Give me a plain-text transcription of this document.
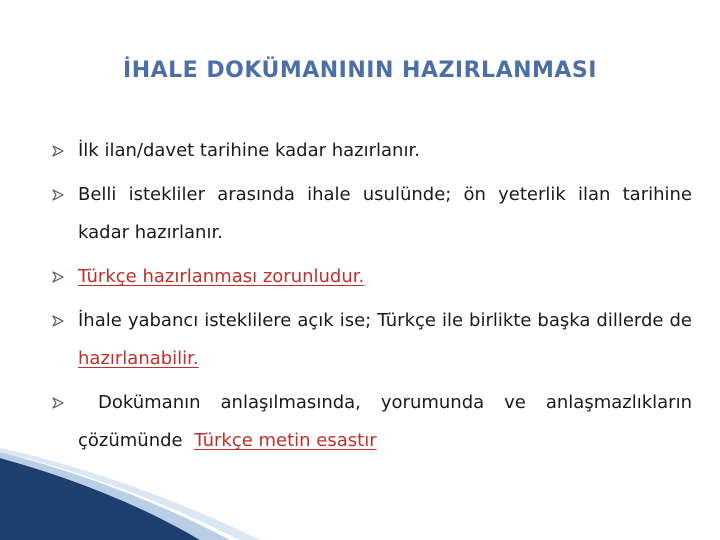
İHALE DOKÜMANININ HAZIRLANMASI
İlk ilan/davet tarihine kadar hazırlanır.
Belli istekliler arasında ihale usulünde; ön yeterlik ilan tarihine kadar hazırlanır.
Türkçe hazırlanması zorunludur.
İhale yabancı isteklilere açık ise; Türkçe ile birlikte başka dillerde de hazırlanabilir.
Dokümanın anlaşılmasında, yorumunda ve anlaşmazlıkların çözümünde  Türkçe metin esastır
